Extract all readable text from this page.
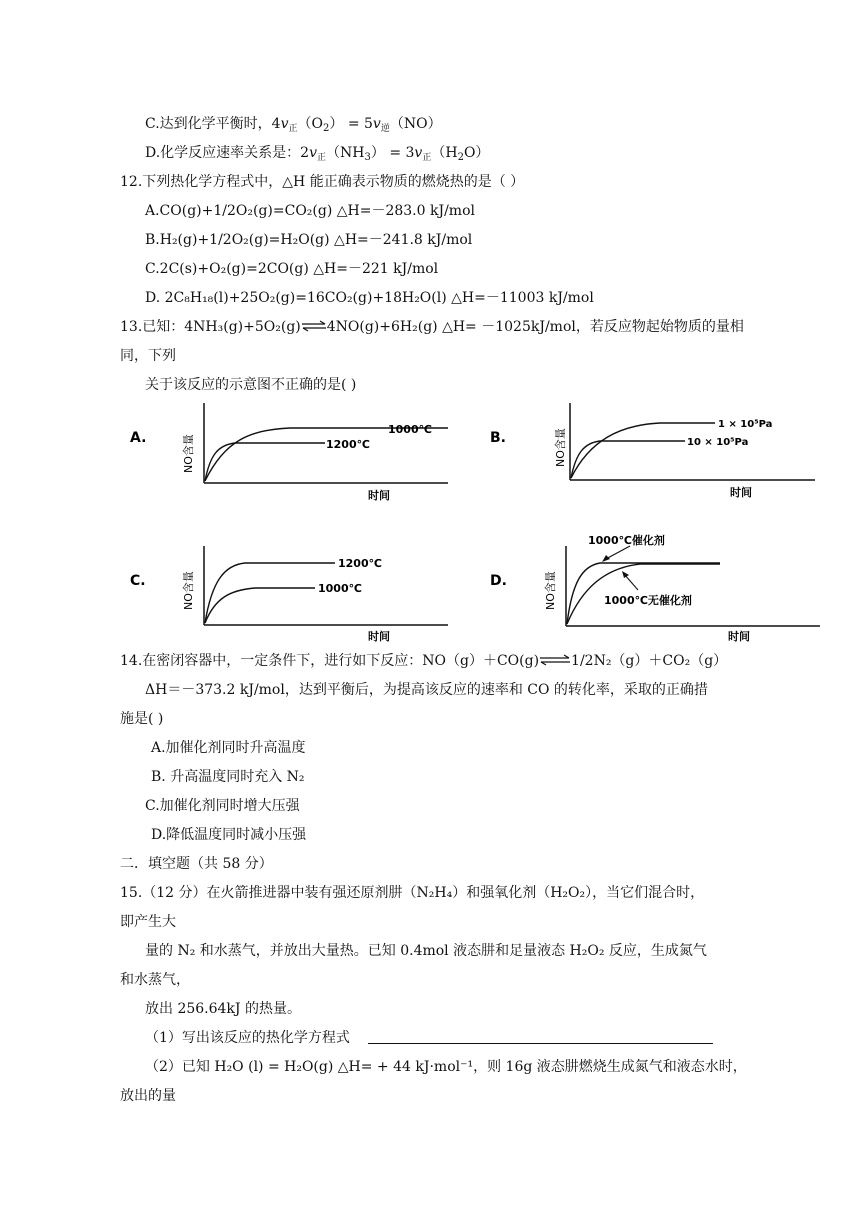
C.达到化学平衡时，$4v_正(O_2) = 5v_逆(NO)$
D.化学反应速率关系是：$2v_正(NH_3) = 3v_正(H_2O)$
12.下列热化学方程式中，△H 能正确表示物质的燃烧热的是（ ）
A.CO(g)+1/2O₂(g)=CO₂(g) △H=－283.0 kJ/mol
B.H₂(g)+1/2O₂(g)=H₂O(g) △H=－241.8 kJ/mol
C.2C(s)+O₂(g)=2CO(g) △H=－221 kJ/mol
D. 2C₈H₁₈(l)+25O₂(g)=16CO₂(g)+18H₂O(l) △H=－11003 kJ/mol
13.已知：4NH₃(g)+5O₂(g)⇌4NO(g)+6H₂(g) △H= －1025kJ/mol，若反应物起始物质的量相
同，下列
关于该反应的示意图不正确的是( )
A.	NO含量
1000℃
1200℃
时间
B.	NO含量
1 × 10⁵Pa
10 × 10⁵Pa
时间
C.	NO含量
1200℃
1000℃
时间
D.	NO含量
1000℃催化剂
1000℃无催化剂
时间
14.在密闭容器中，一定条件下，进行如下反应：NO（g）＋CO(g)⇌1/2N₂（g）＋CO₂（g）
ΔH＝－373.2 kJ/mol，达到平衡后，为提高该反应的速率和 CO 的转化率，采取的正确措
施是( )
A.加催化剂同时升高温度
B. 升高温度同时充入 N₂
C.加催化剂同时增大压强
D.降低温度同时减小压强
二．填空题（共 58 分）
15.（12 分）在火箭推进器中装有强还原剂肼（N₂H₄）和强氧化剂（H₂O₂），当它们混合时，
即产生大
量的 N₂ 和水蒸气，并放出大量热。已知 0.4mol 液态肼和足量液态 H₂O₂ 反应，生成氮气
和水蒸气，
放出 256.64kJ 的热量。
（1）写出该反应的热化学方程式
（2）已知 H₂O (l) = H₂O(g) △H= + 44 kJ·mol⁻¹，则 16g 液态肼燃烧生成氮气和液态水时，
放出的量
